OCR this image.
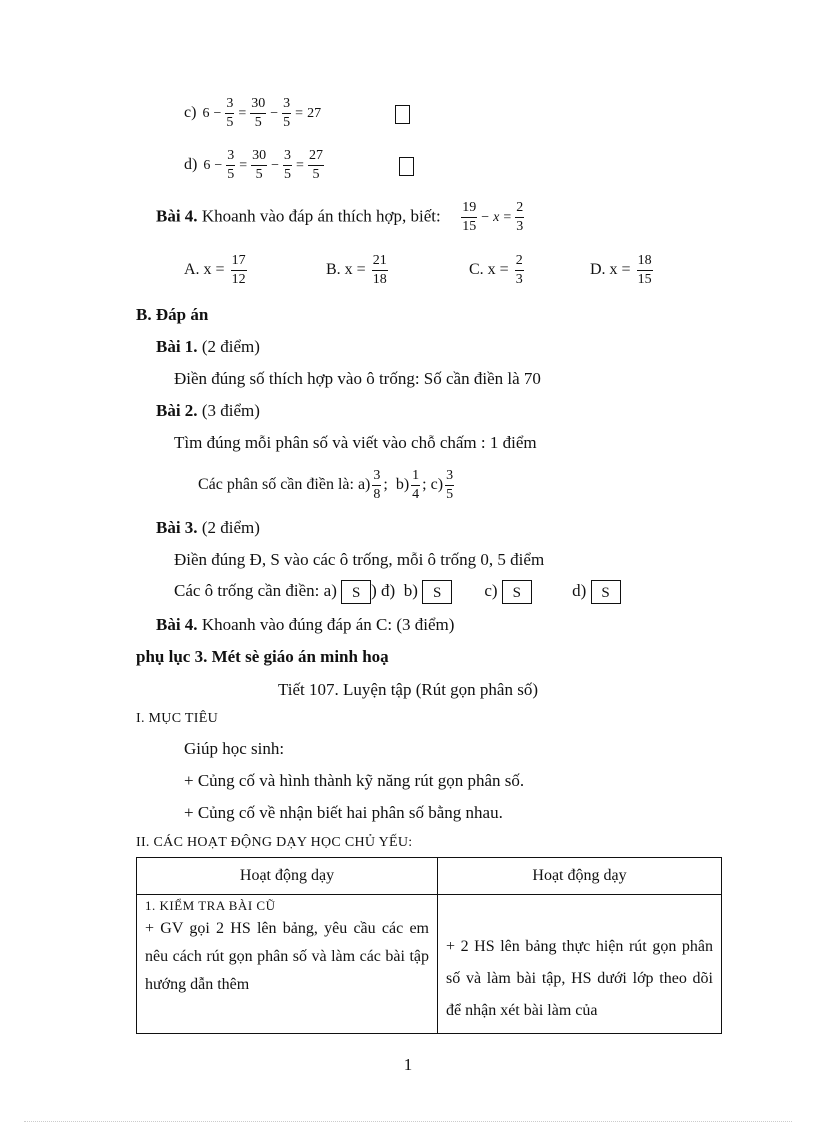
c) $6 - \frac{3}{5} = \frac{30}{5} - \frac{3}{5} = 27$
d) $6 - \frac{3}{5} = \frac{30}{5} - \frac{3}{5} = \frac{27}{5}$
Bài 4. Khoanh vào đáp án thích hợp, biết: $\frac{19}{15} - x = \frac{2}{3}$
A. $x = \frac{17}{12}$	B. $x = \frac{21}{18}$	C. $x = \frac{2}{3}$	D. $x = \frac{18}{15}$
B. Đáp án
Bài 1. (2 điểm)
Điền đúng số thích hợp vào ô trống: Số cần điền là 70
Bài 2. (3 điểm)
Tìm đúng mỗi phân số và viết vào chỗ chấm : 1 điểm
Các phân số cần điền là: $a) \frac{3}{8}$ ;  $b) \frac{1}{4}$ ; $c) \frac{3}{5}$
Bài 3. (2 điểm)
Điền đúng Đ, S vào các ô trống, mỗi ô trống 0, 5 điểm
Các ô trống cần điền: a) S ) đ) b) S	c) S	d) S
Bài 4. Khoanh vào đúng đáp án C: (3 điểm)
phụ lục 3. Mét sè giáo án minh hoạ
Tiết 107. Luyện tập (Rút gọn phân số)
I. MỤC TIÊU
Giúp học sinh:
+ Củng cố và hình thành kỹ năng rút gọn phân số.
+ Củng cố về nhận biết hai phân số bằng nhau.
II. CÁC HOẠT ĐỘNG DẠY HỌC CHỦ YẾU:
Hoạt động dạy	Hoạt động dạy

1. KIỂM TRA BÀI CŨ
+ GV gọi 2 HS lên bảng, yêu cầu các em nêu cách rút gọn phân số và làm các bài tập hướng dẫn thêm	+ 2 HS lên bảng thực hiện rút gọn phân số và làm bài tập, HS dưới lớp theo dõi để nhận xét bài làm của
1
